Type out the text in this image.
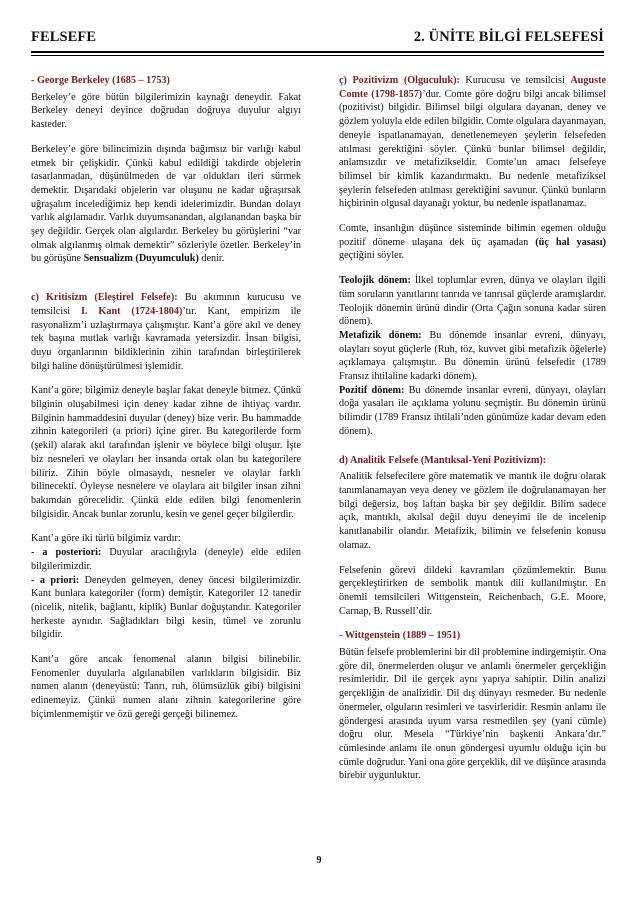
FELSEFE	2. ÜNİTE BİLGİ FELSEFESİ

- George Berkeley (1685 – 1753)
Berkeley’e göre bütün bilgilerimizin kaynağı deneydir. Fakat Berkeley deneyi deyince doğrudan doğruya duyulur algıyı kasteder.

Berkeley’e göre bilincimizin dışında bağımsız bir varlığı kabul etmek bir çelişkidir. Çünkü kabul edildiği takdirde objelerin tasarlanmadan, düşünülmeden de var oldukları ileri sürmek demektir. Dışarıdaki objelerin var oluşunu ne kadar uğraşırsak uğraşalım inceledi̇ğimiz hep kendi idelerimizdir. Bundan dolayı varlık algılamadır. Varlık duyumsanandan, algılanandan başka bir şey değildir. Gerçek olan algılardır. Berkeley bu görüşlerini “var olmak algılanmış olmak demektir” sözleriyle özetler. Berkeley’in bu görüşüne Sensualizm (Duyumculuk) denir.

c) Kritisizm (Eleştirel Felsefe): Bu akımının kurucusu ve temsilcisi I. Kant (1724-1804)’tır. Kant, empirizm ile rasyonalizm’i uzlaştırmaya çalışmıştır. Kant’a göre akıl ve deney tek başına mutlak varlığı kavramada yetersizdir. İnsan bilgisi, duyu organlarının bildiklerinin zihin tarafından birleştirilerek bilgi haline dönüştürülmesi işlemidir.

Kant’a göre; bilgimiz deneyle başlar fakat deneyle bitmez. Çünkü bilginin oluşabilmesi için deney kadar zihne de ihtiyaç vardır. Bilginin hammaddesini duyular (deney) bize verir. Bu hammadde zihnin kategorileri (a priori) içine girer. Bu kategorilerde form (şekil) alarak akıl tarafından işlenir ve böylece bilgi oluşur. İşte biz nesneleri ve olayları her insanda ortak olan bu kategorilere biliriz. Zihin böyle olmasaydı, nesneler ve olaylar farklı bilinecekti. Öyleyse nesnelere ve olaylara ait bilgiler insan zihni bakımdan görecelidir. Çünkü elde edilen bilgi fenomenlerin bilgisidir. Ancak bunlar zorunlu, kesin ve genel geçer bilgilerdir.

Kant’a göre iki türlü bilgimiz vardır:
- a posteriori: Duyular aracılığıyla (deneyle) elde edilen bilgilerimizdir.
- a priori: Deneyden gelmeyen, deney öncesi bilgilerimizdir. Kant bunlara kategoriler (form) demiştir. Kategoriler 12 tanedir (nicelik, nitelik, bağlantı, kiplik) Bunlar doğuştandır. Kategoriler herkeste aynıdır. Sağladıkları bilgi kesin, tümel ve zorunlu bilgidir.

Kant’a göre ancak fenomenal alanın bilgisi bilinebilir. Fenomenler duyularla algılanabilen varlıkların bilgisidir. Biz numen alanın (deneyüstü: Tanrı, ruh, ölümsüzlük gibi) bilgisini edinemeyiz. Çünkü numen alanı zihnin kategorilerine göre biçimlenmemiştir ve özü gereği gerçeği bilinemez.

ç) Pozitivizm (Olguculuk): Kurucusu ve temsilcisi Auguste Comte (1798-1857)’dur. Comte göre doğru bilgi ancak bilimsel (pozitivist) bilgidir. Bilimsel bilgi olgulara dayanan, deney ve gözlem yoluyla elde edilen bilgidir. Comte olgulara dayanmayan, deneyle ispatlanamayan, denetlenemeyen şeylerin felsefeden atılması gerektiğini söyler. Çünkü bunlar bilimsel değildir, anlamsızdır ve metafizikseldir. Comte’un amacı felsefeye bilimsel bir kimlik kazandırmaktı. Bu nedenle metafiziksel şeylerin felsefeden atılması gerektiğini savunur. Çünkü bunların hiçbirinin olgusal dayanağı yoktur, bu nedenle ispatlanamaz.

Comte, insanlığın düşünce sisteminde bilimin egemen olduğu pozitif döneme ulaşana dek üç aşamadan (üç hal yasası) geçtiğini söyler.

Teolojik dönem: İlkel toplumlar evren, dünya ve olayları ilgili tüm soruların yanıtlarını tanrıda ve tanrısal güçlerde aramışlardır. Teolojik dönemin ürünü dindir (Orta Çağın sonuna kadar süren dönem).

Metafizik dönem: Bu dönemde insanlar evreni, dünyayı, olayları soyut güçlerle (Ruh, töz, kuvvet gibi metafizik öğelerle) açıklamaya çalışmıştır. Bu dönemin ürünü felsefedir (1789 Fransız ihtilaline kadarki dönem).

Pozitif dönem: Bu dönemde insanlar evreni, dünyayı, olayları doğa yasaları ile açıklama yolunu seçmiştir. Bu dönemin ürünü bilimdir (1789 Fransız ihtilali’nden günümüze kadar devam eden dönem).

d) Analitik Felsefe (Mantıksal-Yeni Pozitivizm):
Analitik felsefecilere göre matematik ve mantık ile doğru olarak tanımlanamayan veya deney ve gözlem ile doğrulanamayan her bilgi değersiz, boş laftan başka bir şey değildir. Bilim sadece açık, mantıklı, akılsal değil duyu deneyimi ile de incelenip kanıtlanabilir olandır. Metafizik, bilimin ve felsefenin konusu olamaz.

Felsefenin görevi dildeki kavramları çözümlemektir. Bunu gerçekleştirirken de sembolik mantık dili kullanılmıştır. En önemli temsilcileri Wittgenstein, Reichenbach, G.E. Moore, Carnap, B. Russell’dir.

- Wittgenstein (1889 – 1951)
Bütün felsefe problemlerini bir dil problemine indirgemiştir. Ona göre dil, önermelerden oluşur ve anlamlı önermeler gerçekliğin resimleridir. Dil ile gerçek aynı yapıya sahiptir. Dilin analizi gerçekliğin de analizidir. Dil dış dünyayı resmeder. Bu nedenle önermeler, olguların resimleri ve tasvirleridir. Resmin anlamı ile göndergesi arasında uyum varsa resmedilen şey (yani cümle) doğru olur. Mesela “Türkiye’nin başkenti Ankara’dır.” cümlesinde anlamı ile onun göndergesi uyumlu olduğu için bu cümle doğrudur. Yani ona göre gerçeklik, dil ve düşünce arasında birebir uygunluktur.

9
